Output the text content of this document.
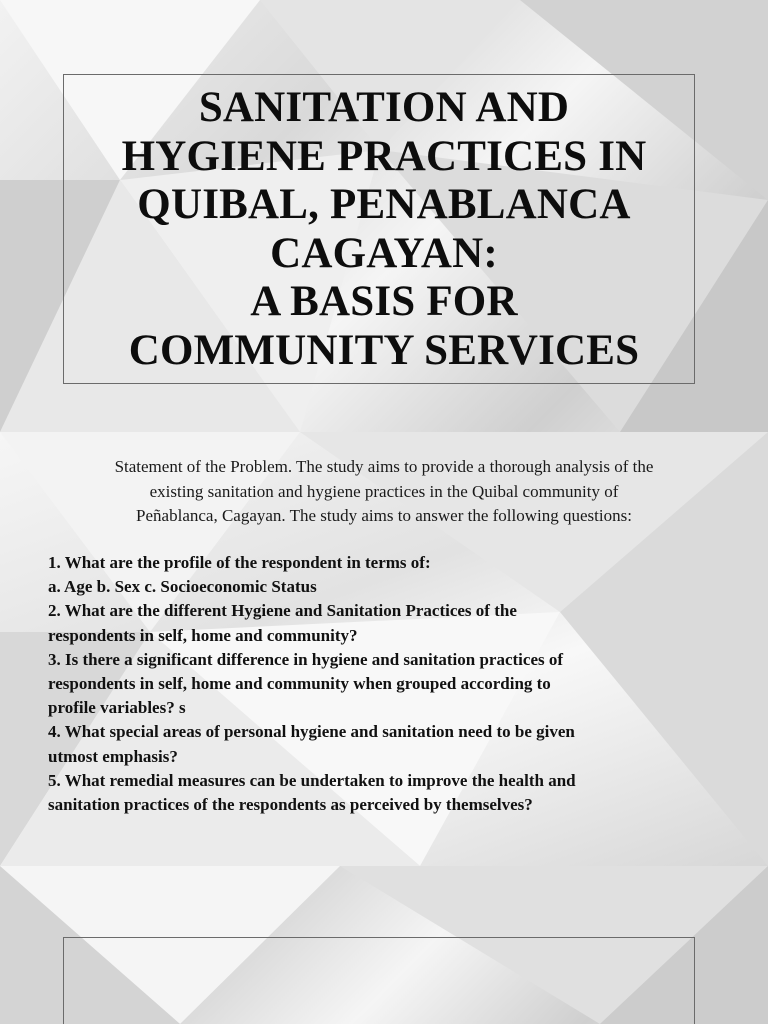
SANITATION AND
HYGIENE PRACTICES IN
QUIBAL, PENABLANCA
CAGAYAN:
A BASIS FOR
COMMUNITY SERVICES

Statement of the Problem. The study aims to provide a thorough analysis of the
existing sanitation and hygiene practices in the Quibal community of
Peñablanca, Cagayan. The study aims to answer the following questions:

1. What are the profile of the respondent in terms of:
a. Age b. Sex c. Socioeconomic Status
2. What are the different Hygiene and Sanitation Practices of the
respondents in self, home and community?
3. Is there a significant difference in hygiene and sanitation practices of
respondents in self, home and community when grouped according to
profile variables? s
4. What special areas of personal hygiene and sanitation need to be given
utmost emphasis?
5. What remedial measures can be undertaken to improve the health and
sanitation practices of the respondents as perceived by themselves?
